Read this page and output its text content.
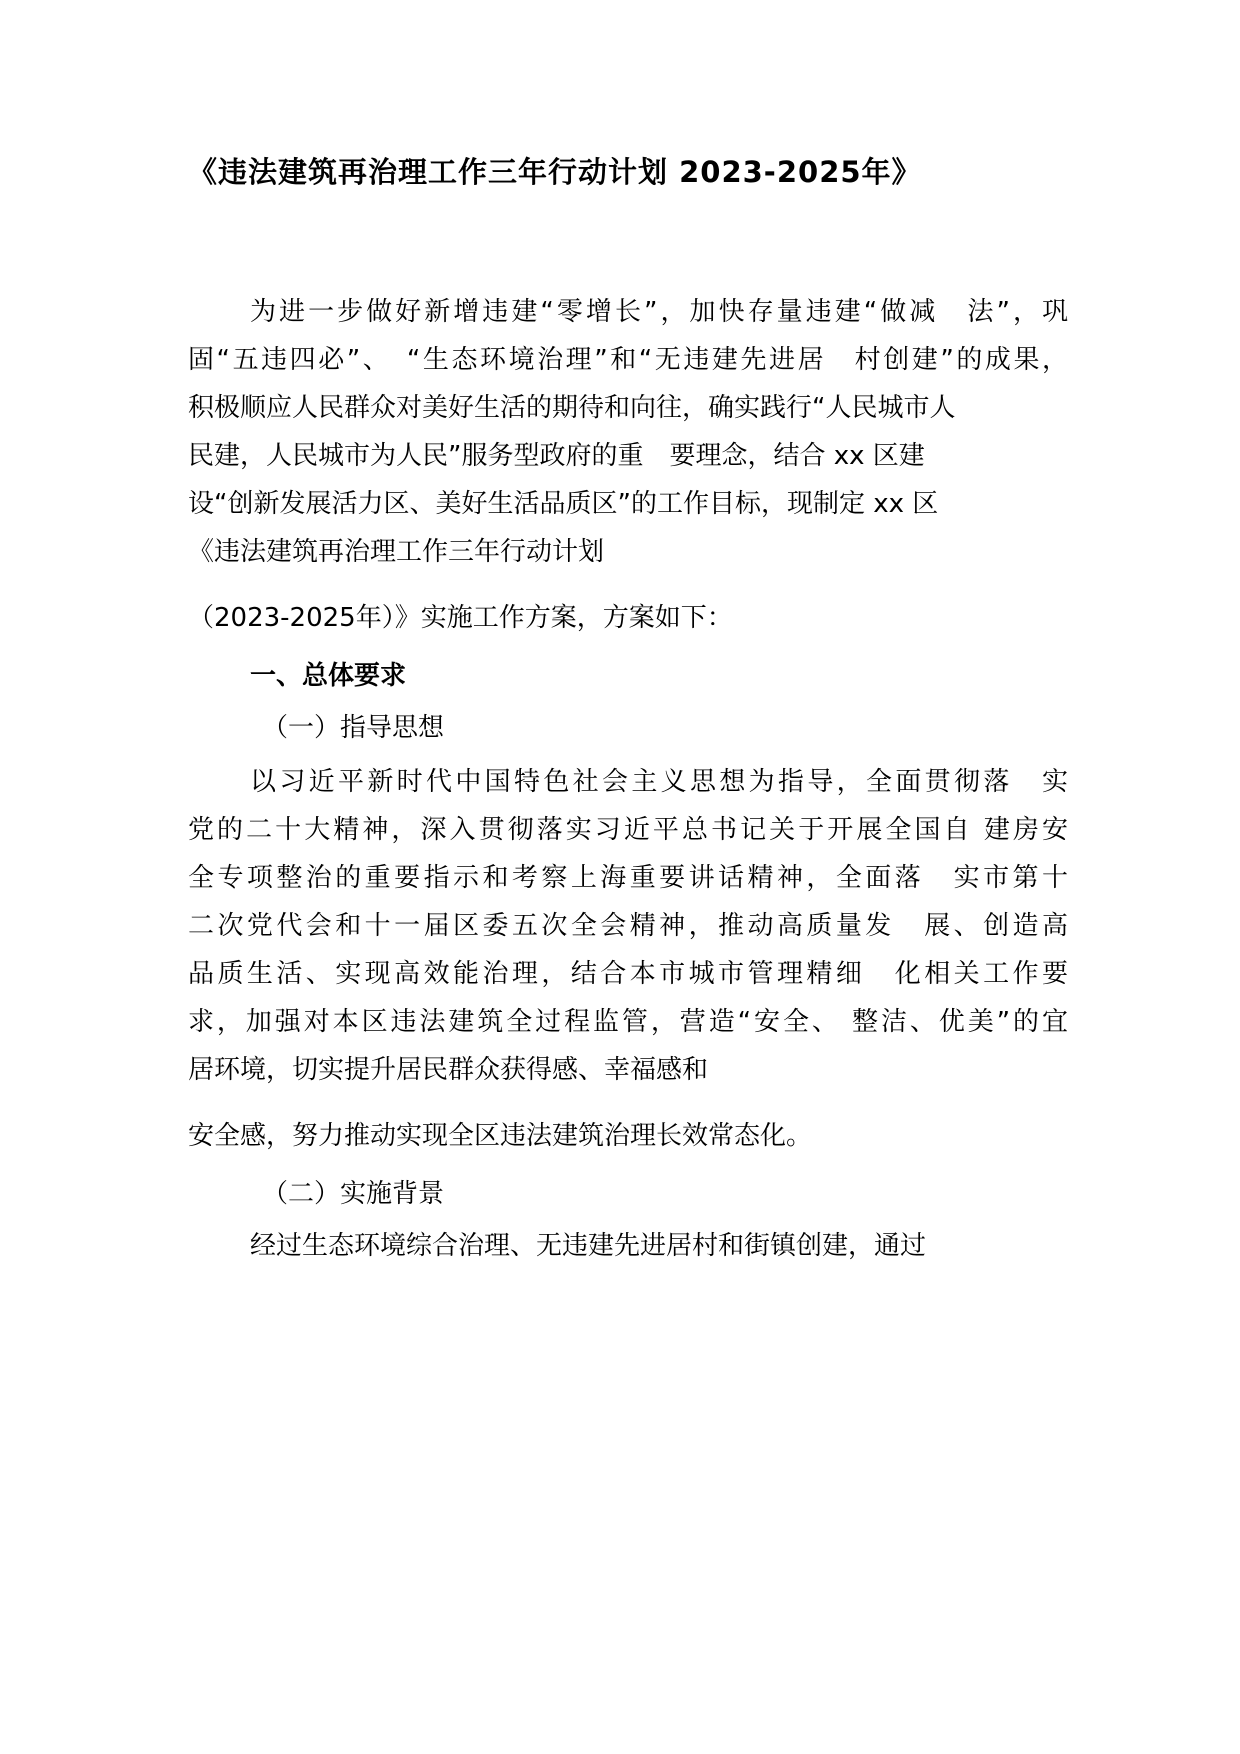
《违法建筑再治理工作三年行动计划 2023-2025年》
为进一步做好新增违建“零增长”，加快存量违建“做减　法”，巩
固“五违四必”、　“生态环境治理”和“无违建先进居　村创建”的成果，
积极顺应人民群众对美好生活的期待和向往，确实践行“人民城市人
民建，人民城市为人民”服务型政府的重　要理念，结合 xx 区建
设“创新发展活力区、美好生活品质区”的工作目标，现制定 xx 区
《违法建筑再治理工作三年行动计划
（2023-2025年）》实施工作方案，方案如下：
一、总体要求
（一）指导思想
以习近平新时代中国特色社会主义思想为指导，全面贯彻落　实
党的二十大精神，深入贯彻落实习近平总书记关于开展全国自 建房安
全专项整治的重要指示和考察上海重要讲话精神，全面落　实市第十
二次党代会和十一届区委五次全会精神，推动高质量发　展、创造高
品质生活、实现高效能治理，结合本市城市管理精细　化相关工作要
求，加强对本区违法建筑全过程监管，营造“安全、 整洁、优美”的宜
居环境，切实提升居民群众获得感、幸福感和
安全感，努力推动实现全区违法建筑治理长效常态化。
（二）实施背景
经过生态环境综合治理、无违建先进居村和街镇创建，通过
